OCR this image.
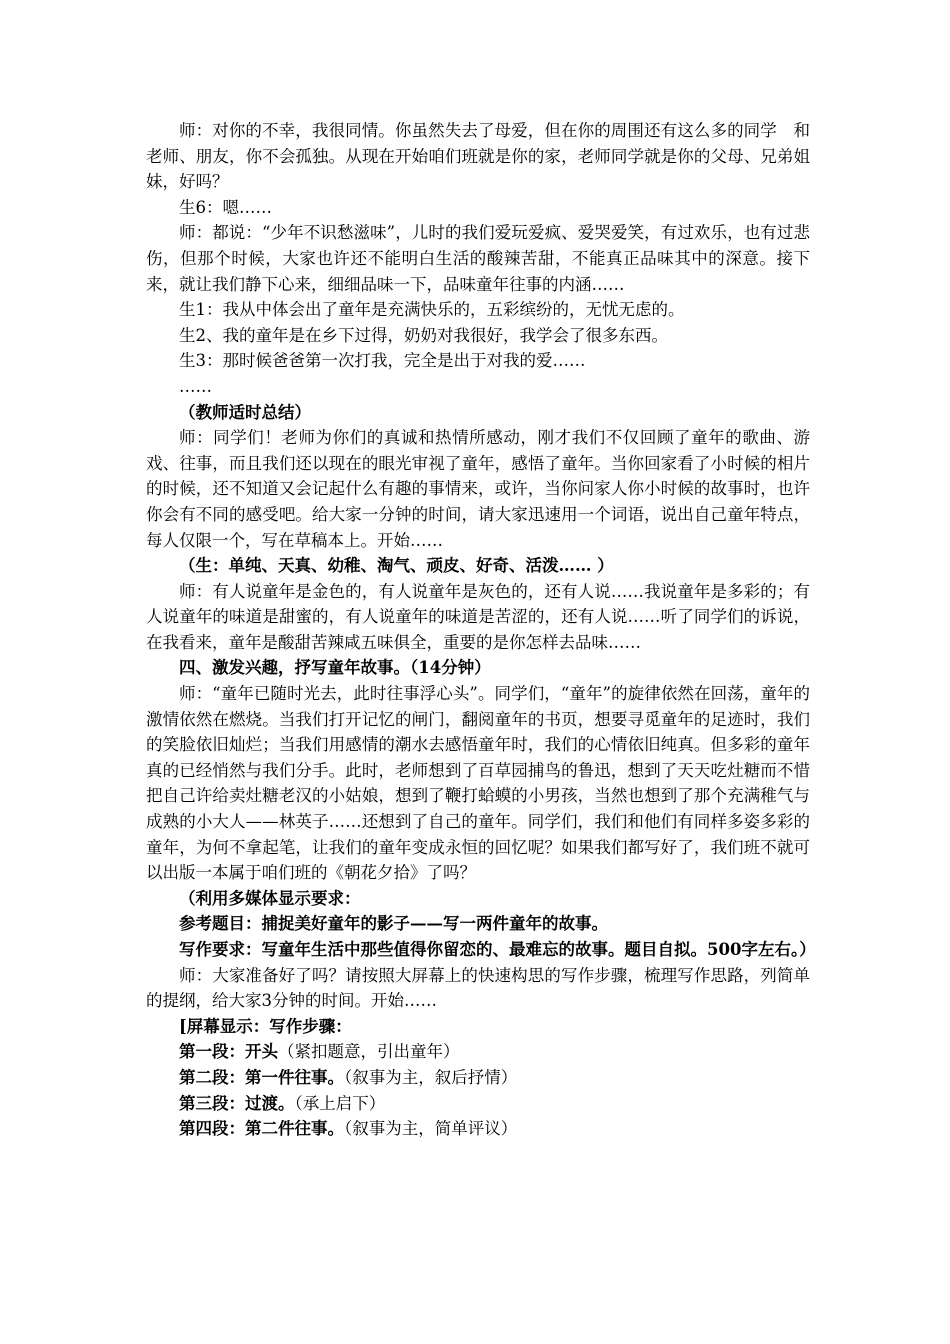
师：对你的不幸，我很同情。你虽然失去了母爱，但在你的周围还有这么多的同学　和　老师、朋友，你不会孤独。从现在开始咱们班就是你的家，老师同学就是你的父母、兄弟姐妹，好吗？

生6：嗯……

师：都说：“少年不识愁滋味”，儿时的我们爱玩爱疯、爱哭爱笑，有过欢乐，也有过悲伤，但那个时候，大家也许还不能明白生活的酸辣苦甜，不能真正品味其中的深意。接下来，就让我们静下心来，细细品味一下，品味童年往事的内涵……

生1：我从中体会出了童年是充满快乐的，五彩缤纷的，无忧无虑的。

生2、我的童年是在乡下过得，奶奶对我很好，我学会了很多东西。

生3：那时候爸爸第一次打我，完全是出于对我的爱……

……

（教师适时总结）

师：同学们！老师为你们的真诚和热情所感动，刚才我们不仅回顾了童年的歌曲、游戏、往事，而且我们还以现在的眼光审视了童年，感悟了童年。当你回家看了小时候的相片的时候，还不知道又会记起什么有趣的事情来，或许，当你问家人你小时候的故事时，也许你会有不同的感受吧。给大家一分钟的时间，请大家迅速用一个词语，说出自己童年特点，每人仅限一个，写在草稿本上。开始……

（生：单纯、天真、幼稚、淘气、顽皮、好奇、活泼…… ）

师：有人说童年是金色的，有人说童年是灰色的，还有人说……我说童年是多彩的；有人说童年的味道是甜蜜的，有人说童年的味道是苦涩的，还有人说……听了同学们的诉说，在我看来，童年是酸甜苦辣咸五味俱全，重要的是你怎样去品味……

四、激发兴趣，抒写童年故事。（14分钟）

师：“童年已随时光去，此时往事浮心头”。同学们，“童年”的旋律依然在回荡，童年的激情依然在燃烧。当我们打开记忆的闸门，翻阅童年的书页，想要寻觅童年的足迹时，我们的笑脸依旧灿烂；当我们用感情的潮水去感悟童年时，我们的心情依旧纯真。但多彩的童年真的已经悄然与我们分手。此时，老师想到了百草园捕鸟的鲁迅，想到了天天吃灶糖而不惜把自己许给卖灶糖老汉的小姑娘，想到了鞭打蛤蟆的小男孩，当然也想到了那个充满稚气与成熟的小大人——林英子……还想到了自己的童年。同学们，我们和他们有同样多姿多彩的童年，为何不拿起笔，让我们的童年变成永恒的回忆呢？如果我们都写好了，我们班不就可以出版一本属于咱们班的《朝花夕拾》了吗？

（利用多媒体显示要求：

参考题目：捕捉美好童年的影子——写一两件童年的故事。

写作要求：写童年生活中那些值得你留恋的、最难忘的故事。题目自拟。500字左右。）

师：大家准备好了吗？请按照大屏幕上的快速构思的写作步骤，梳理写作思路，列简单的提纲，给大家3分钟的时间。开始……

[屏幕显示：写作步骤：

第一段：开头（紧扣题意，引出童年）

第二段：第一件往事。（叙事为主，叙后抒情）

第三段：过渡。（承上启下）

第四段：第二件往事。（叙事为主，简单评议）
